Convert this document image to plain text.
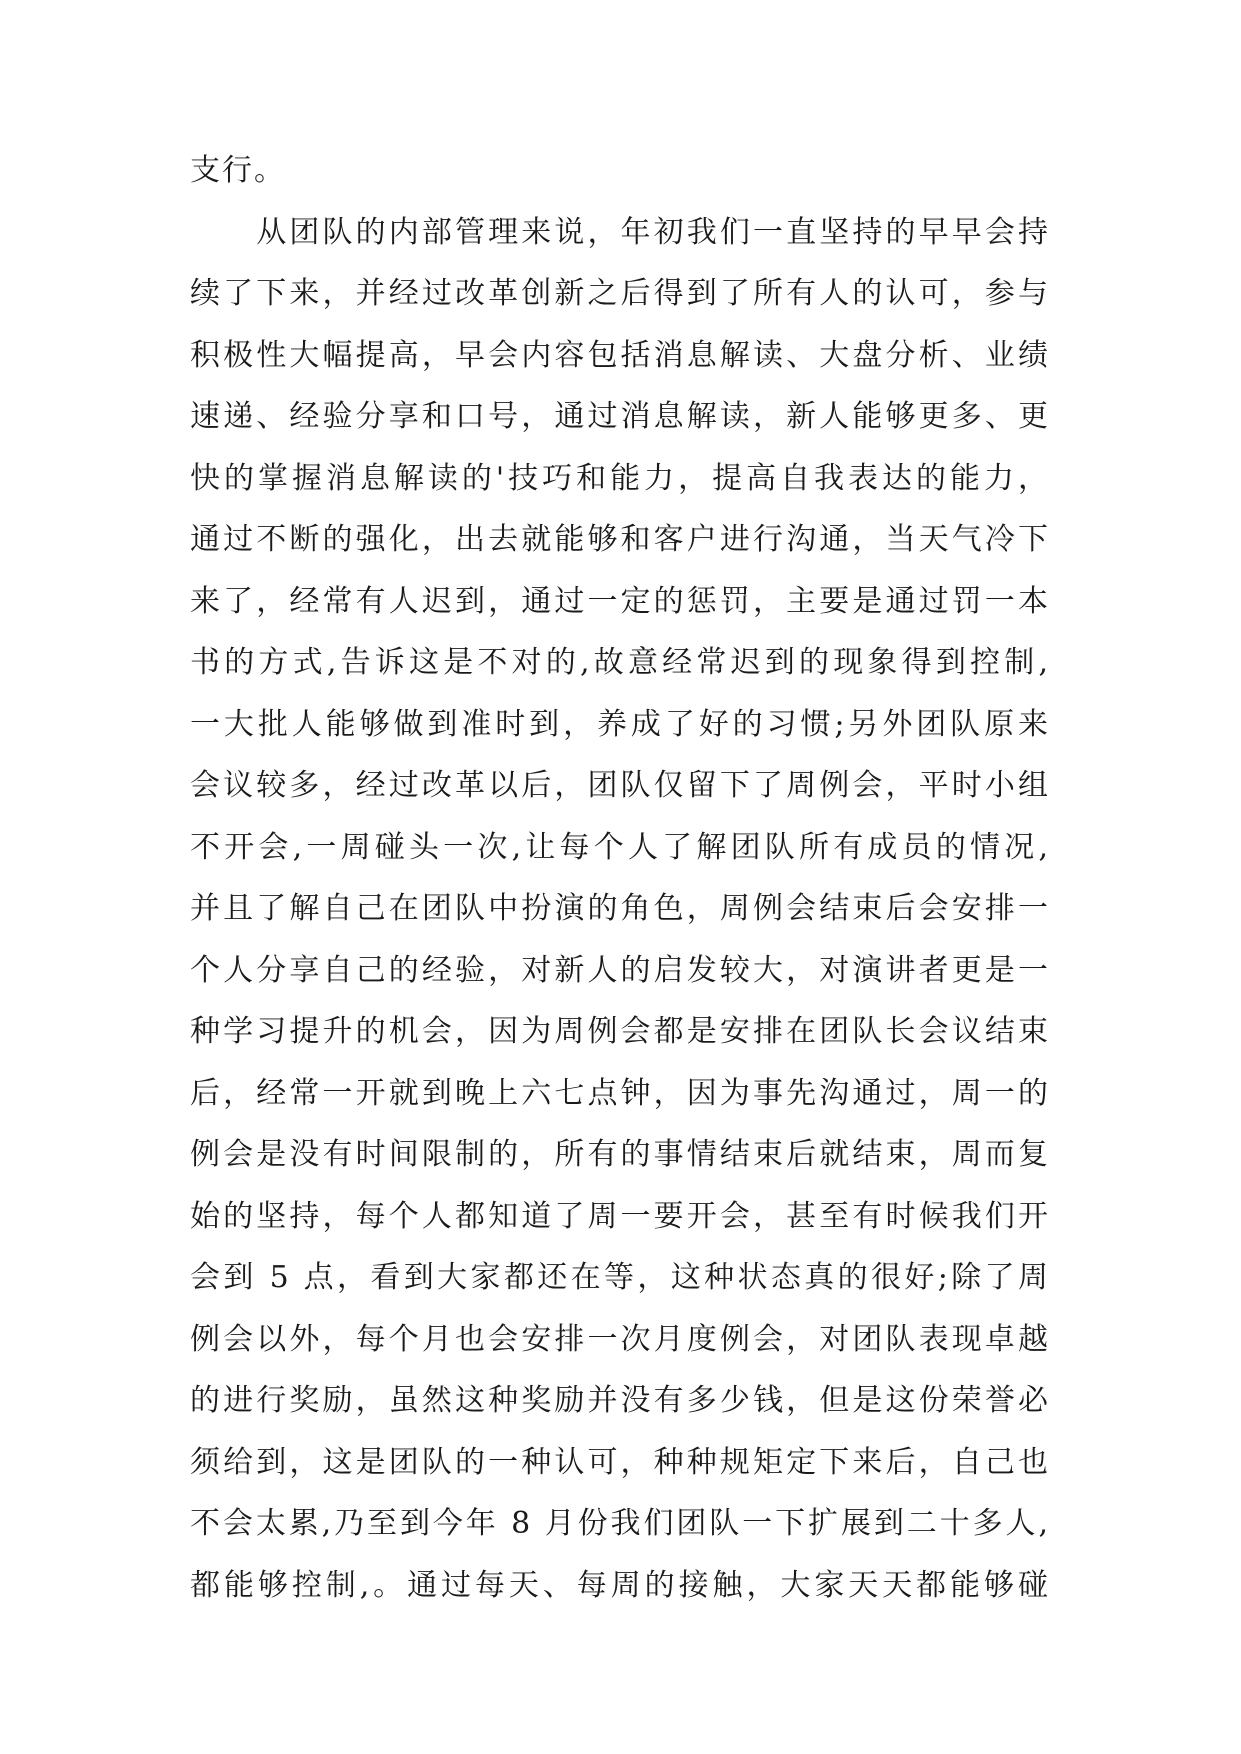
支行。
　　从团队的内部管理来说，年初我们一直坚持的早早会持
续了下来，并经过改革创新之后得到了所有人的认可，参与
积极性大幅提高，早会内容包括消息解读、大盘分析、业绩
速递、经验分享和口号，通过消息解读，新人能够更多、更
快的掌握消息解读的'技巧和能力，提高自我表达的能力，
通过不断的强化，出去就能够和客户进行沟通，当天气冷下
来了，经常有人迟到，通过一定的惩罚，主要是通过罚一本
书的方式,告诉这是不对的,故意经常迟到的现象得到控制,
一大批人能够做到准时到，养成了好的习惯;另外团队原来
会议较多，经过改革以后，团队仅留下了周例会，平时小组
不开会,一周碰头一次,让每个人了解团队所有成员的情况,
并且了解自己在团队中扮演的角色，周例会结束后会安排一
个人分享自己的经验，对新人的启发较大，对演讲者更是一
种学习提升的机会，因为周例会都是安排在团队长会议结束
后，经常一开就到晚上六七点钟，因为事先沟通过，周一的
例会是没有时间限制的，所有的事情结束后就结束，周而复
始的坚持，每个人都知道了周一要开会，甚至有时候我们开
会到 5 点，看到大家都还在等，这种状态真的很好;除了周
例会以外，每个月也会安排一次月度例会，对团队表现卓越
的进行奖励，虽然这种奖励并没有多少钱，但是这份荣誉必
须给到，这是团队的一种认可，种种规矩定下来后，自己也
不会太累,乃至到今年 8 月份我们团队一下扩展到二十多人,
都能够控制,。通过每天、每周的接触，大家天天都能够碰
